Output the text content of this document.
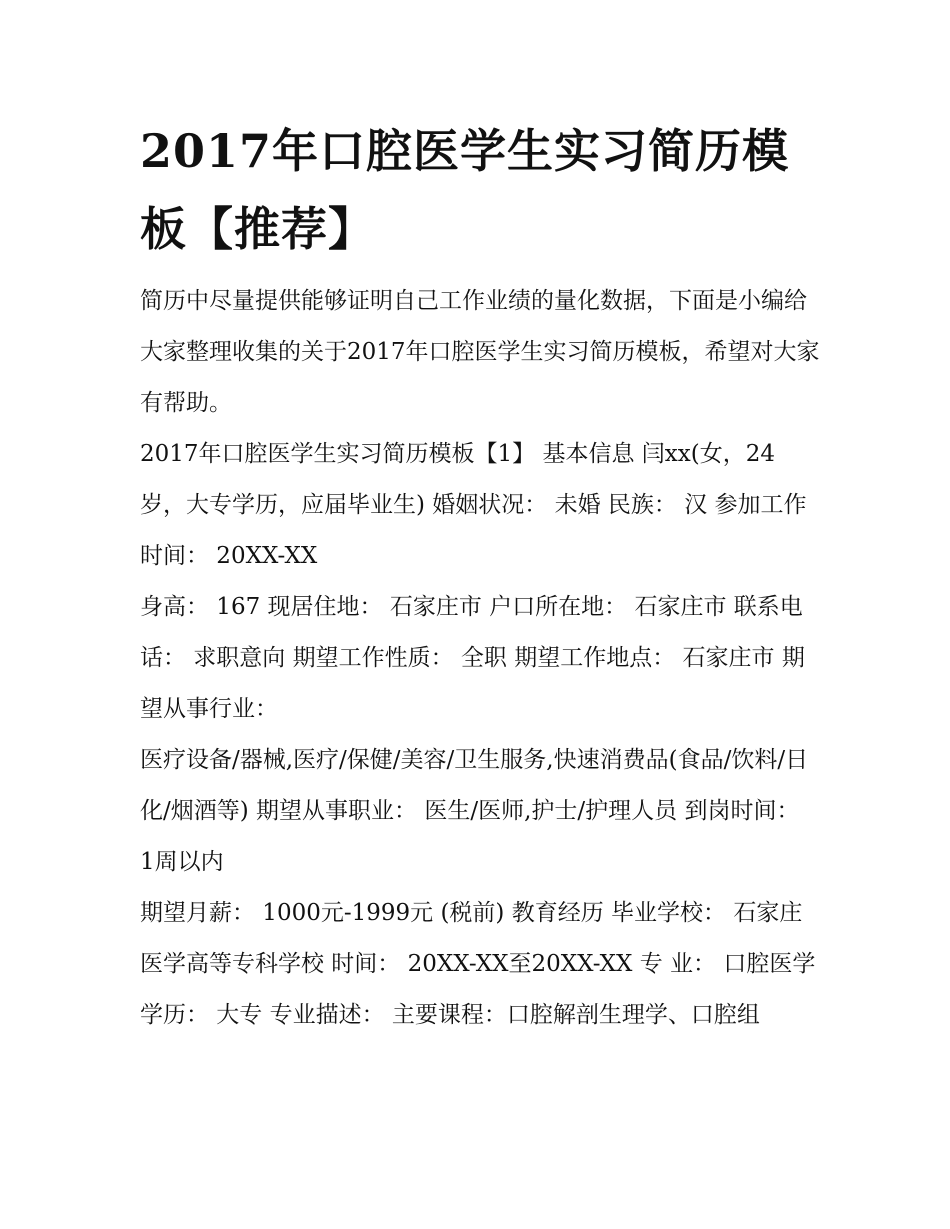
2017年口腔医学生实习简历模板【推荐】

简历中尽量提供能够证明自己工作业绩的量化数据，下面是小编给大家整理收集的关于2017年口腔医学生实习简历模板，希望对大家有帮助。

2017年口腔医学生实习简历模板【1】 基本信息 闫xx(女，24岁，大专学历，应届毕业生) 婚姻状况： 未婚 民族： 汉 参加工作时间： 20XX-XX

身高： 167 现居住地： 石家庄市 户口所在地： 石家庄市 联系电话： 求职意向 期望工作性质： 全职 期望工作地点： 石家庄市 期望从事行业：

医疗设备/器械,医疗/保健/美容/卫生服务,快速消费品(食品/饮料/日化/烟酒等) 期望从事职业： 医生/医师,护士/护理人员 到岗时间： 1周以内

期望月薪： 1000元-1999元 (税前) 教育经历 毕业学校： 石家庄医学高等专科学校 时间： 20XX-XX至20XX-XX 专 业： 口腔医学

学历： 大专 专业描述： 主要课程：口腔解剖生理学、口腔组
